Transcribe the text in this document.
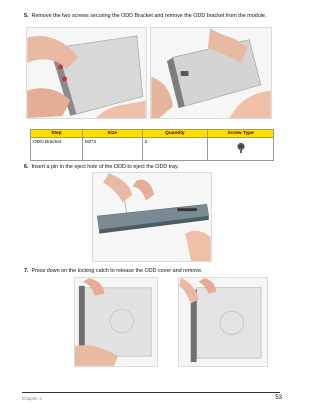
5. Remove the two screws securing the ODD Bracket and remove the ODD bracket from the module.
Step	Size	Quantity	Screw Type
ODD Bracket	M2*3	2	
6. Insert a pin in the eject hole of the ODD to eject the ODD tray.
7. Press down on the locking catch to release the ODD cover and remove.
Chapter 3	53
